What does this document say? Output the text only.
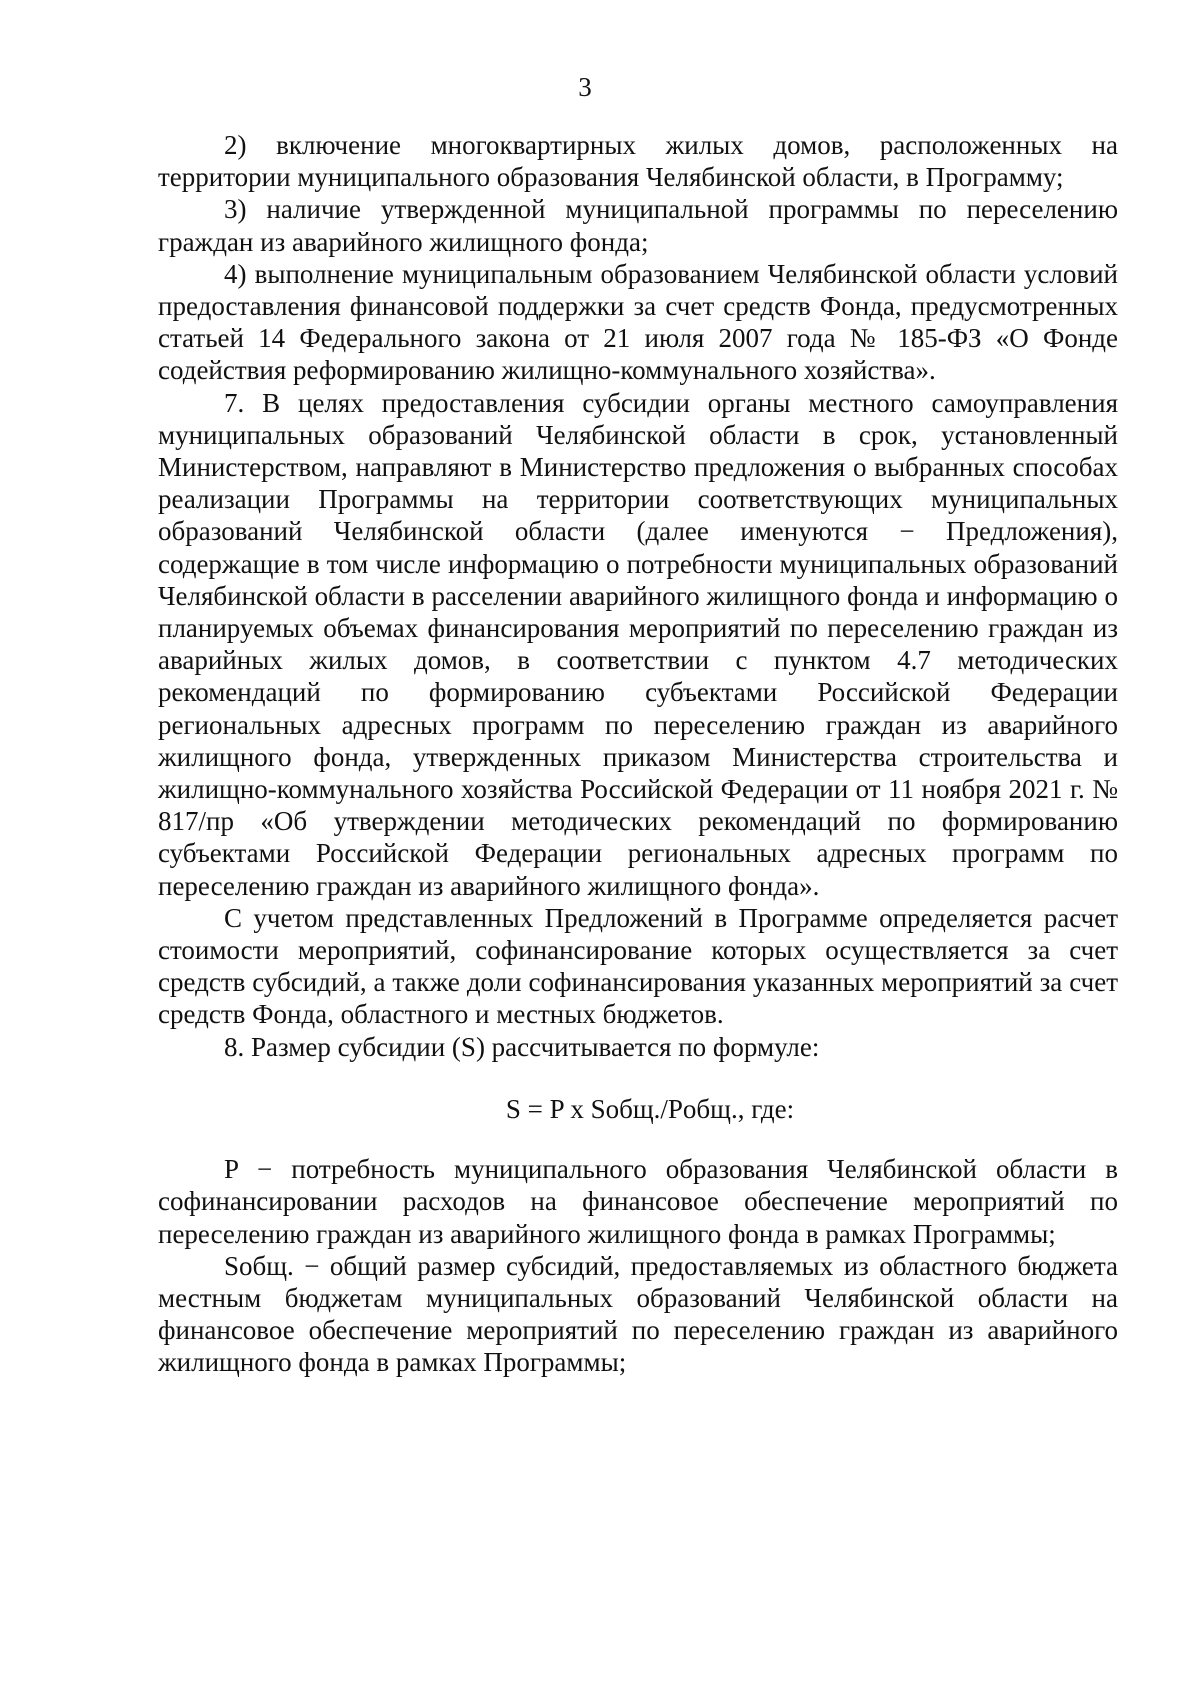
3

2) включение многоквартирных жилых домов, расположенных на территории муниципального образования Челябинской области, в Программу;

3) наличие утвержденной муниципальной программы по переселению граждан из аварийного жилищного фонда;

4) выполнение муниципальным образованием Челябинской области условий предоставления финансовой поддержки за счет средств Фонда, предусмотренных статьей 14 Федерального закона от 21 июля 2007 года № 185-ФЗ «О Фонде содействия реформированию жилищно-коммунального хозяйства».

7. В целях предоставления субсидии органы местного самоуправления муниципальных образований Челябинской области в срок, установленный Министерством, направляют в Министерство предложения о выбранных способах реализации Программы на территории соответствующих муниципальных образований Челябинской области (далее именуются − Предложения), содержащие в том числе информацию о потребности муниципальных образований Челябинской области в расселении аварийного жилищного фонда и информацию о планируемых объемах финансирования мероприятий по переселению граждан из аварийных жилых домов, в соответствии с пунктом 4.7 методических рекомендаций по формированию субъектами Российской Федерации региональных адресных программ по переселению граждан из аварийного жилищного фонда, утвержденных приказом Министерства строительства и жилищно-коммунального хозяйства Российской Федерации от 11 ноября 2021 г. № 817/пр «Об утверждении методических рекомендаций по формированию субъектами Российской Федерации региональных адресных программ по переселению граждан из аварийного жилищного фонда».

С учетом представленных Предложений в Программе определяется расчет стоимости мероприятий, софинансирование которых осуществляется за счет средств субсидий, а также доли софинансирования указанных мероприятий за счет средств Фонда, областного и местных бюджетов.

8. Размер субсидии (S) рассчитывается по формуле:

S = P x Sобщ./Pобщ., где:

P − потребность муниципального образования Челябинской области в софинансировании расходов на финансовое обеспечение мероприятий по переселению граждан из аварийного жилищного фонда в рамках Программы;

Sобщ. − общий размер субсидий, предоставляемых из областного бюджета местным бюджетам муниципальных образований Челябинской области на финансовое обеспечение мероприятий по переселению граждан из аварийного жилищного фонда в рамках Программы;
